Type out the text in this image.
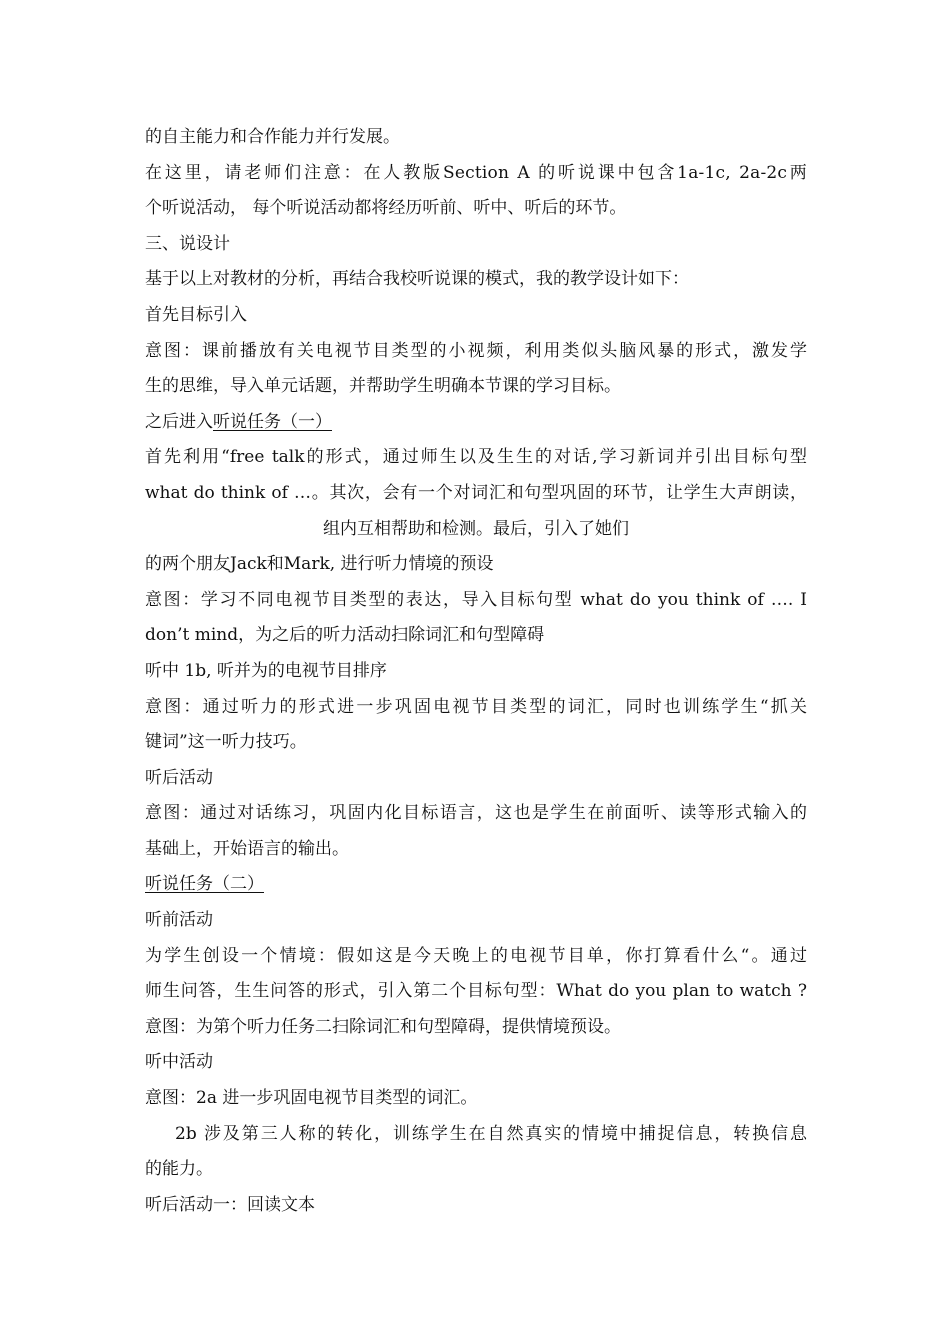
的自主能力和合作能力并行发展。
在这里，请老师们注意：在人教版Section A 的听说课中包含1a-1c, 2a-2c两
个听说活动， 每个听说活动都将经历听前、听中、听后的环节。
三、说设计
基于以上对教材的分析，再结合我校听说课的模式，我的教学设计如下：
首先目标引入
意图：课前播放有关电视节目类型的小视频，利用类似头脑风暴的形式，激发学
生的思维，导入单元话题，并帮助学生明确本节课的学习目标。
之后进入听说任务（一）
首先利用“free talk的形式，通过师生以及生生的对话,学习新词并引出目标句型
what do think of …。其次，会有一个对词汇和句型巩固的环节，让学生大声朗读，
组内互相帮助和检测。最后，引入了她们
的两个朋友Jack和Mark, 进行听力情境的预设
意图：学习不同电视节目类型的表达，导入目标句型 what do you think of …. I
don’t mind，为之后的听力活动扫除词汇和句型障碍
听中 1b, 听并为的电视节目排序
意图：通过听力的形式进一步巩固电视节目类型的词汇，同时也训练学生“抓关
键词”这一听力技巧。
听后活动
意图：通过对话练习，巩固内化目标语言，这也是学生在前面听、读等形式输入的
基础上，开始语言的输出。
听说任务（二）
听前活动
为学生创设一个情境：假如这是今天晚上的电视节目单，你打算看什么“。通过
师生问答，生生问答的形式，引入第二个目标句型：What do you plan to watch ?
意图：为第个听力任务二扫除词汇和句型障碍，提供情境预设。
听中活动
意图：2a 进一步巩固电视节目类型的词汇。
2b 涉及第三人称的转化，训练学生在自然真实的情境中捕捉信息，转换信息
的能力。
听后活动一：回读文本
